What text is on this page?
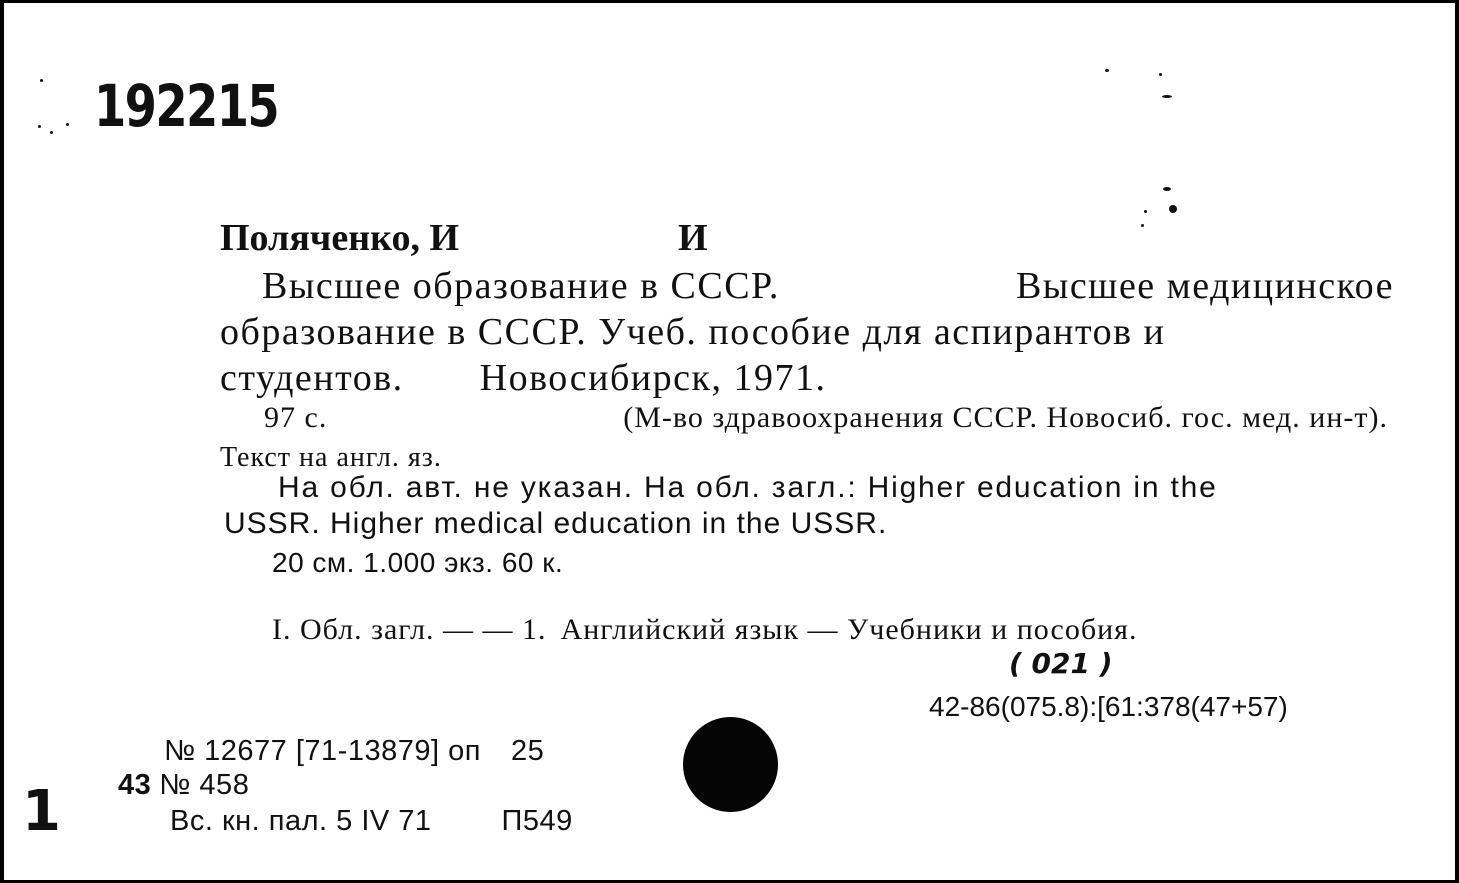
192215
Поляченко, И	И
Высшее образование в СССР.	Высшее медицинское
образование в СССР. Учеб. пособие для аспирантов и
студентов. Новосибирск, 1971.
97 с.	(М-во здравоохранения СССР. Новосиб. гос. мед. ин-т).
Текст на англ. яз.
На обл. авт. не указан. На обл. загл.: Higher education in the
USSR. Higher medical education in the USSR.
20 см. 1.000 экз. 60 к.
I. Обл. загл. — — 1. Английский язык — Учебники и пособия.
( 021 )
42-86(075.8):[61:378(47+57)
№ 12677 [71-13879] оп 25
43 № 458
Вс. кн. пал. 5 IV 71 П549
1
